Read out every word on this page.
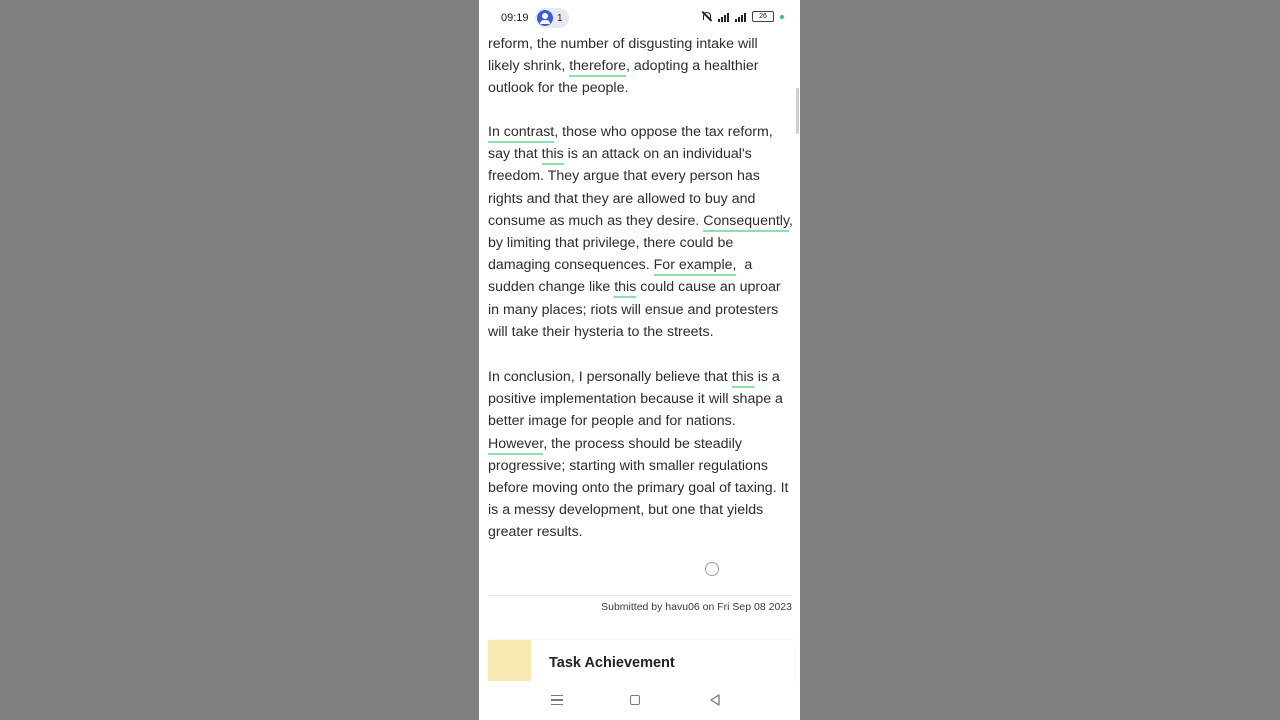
09:19	1	26

reform, the number of disgusting intake will
likely shrink, therefore, adopting a healthier outlook for the people.

In contrast, those who oppose the tax reform, say that this is an attack on an individual's freedom. They argue that every person has rights and that they are allowed to buy and consume as much as they desire. Consequently, by limiting that privilege, there could be damaging consequences. For example,  a sudden change like this could cause an uproar in many places; riots will ensue and protesters will take their hysteria to the streets.

In conclusion, I personally believe that this is a positive implementation because it will shape a better image for people and for nations. However, the process should be steadily progressive; starting with smaller regulations before moving onto the primary goal of taxing. It is a messy development, but one that yields greater results.

Submitted by havu06 on Fri Sep 08 2023
Task Achievement
